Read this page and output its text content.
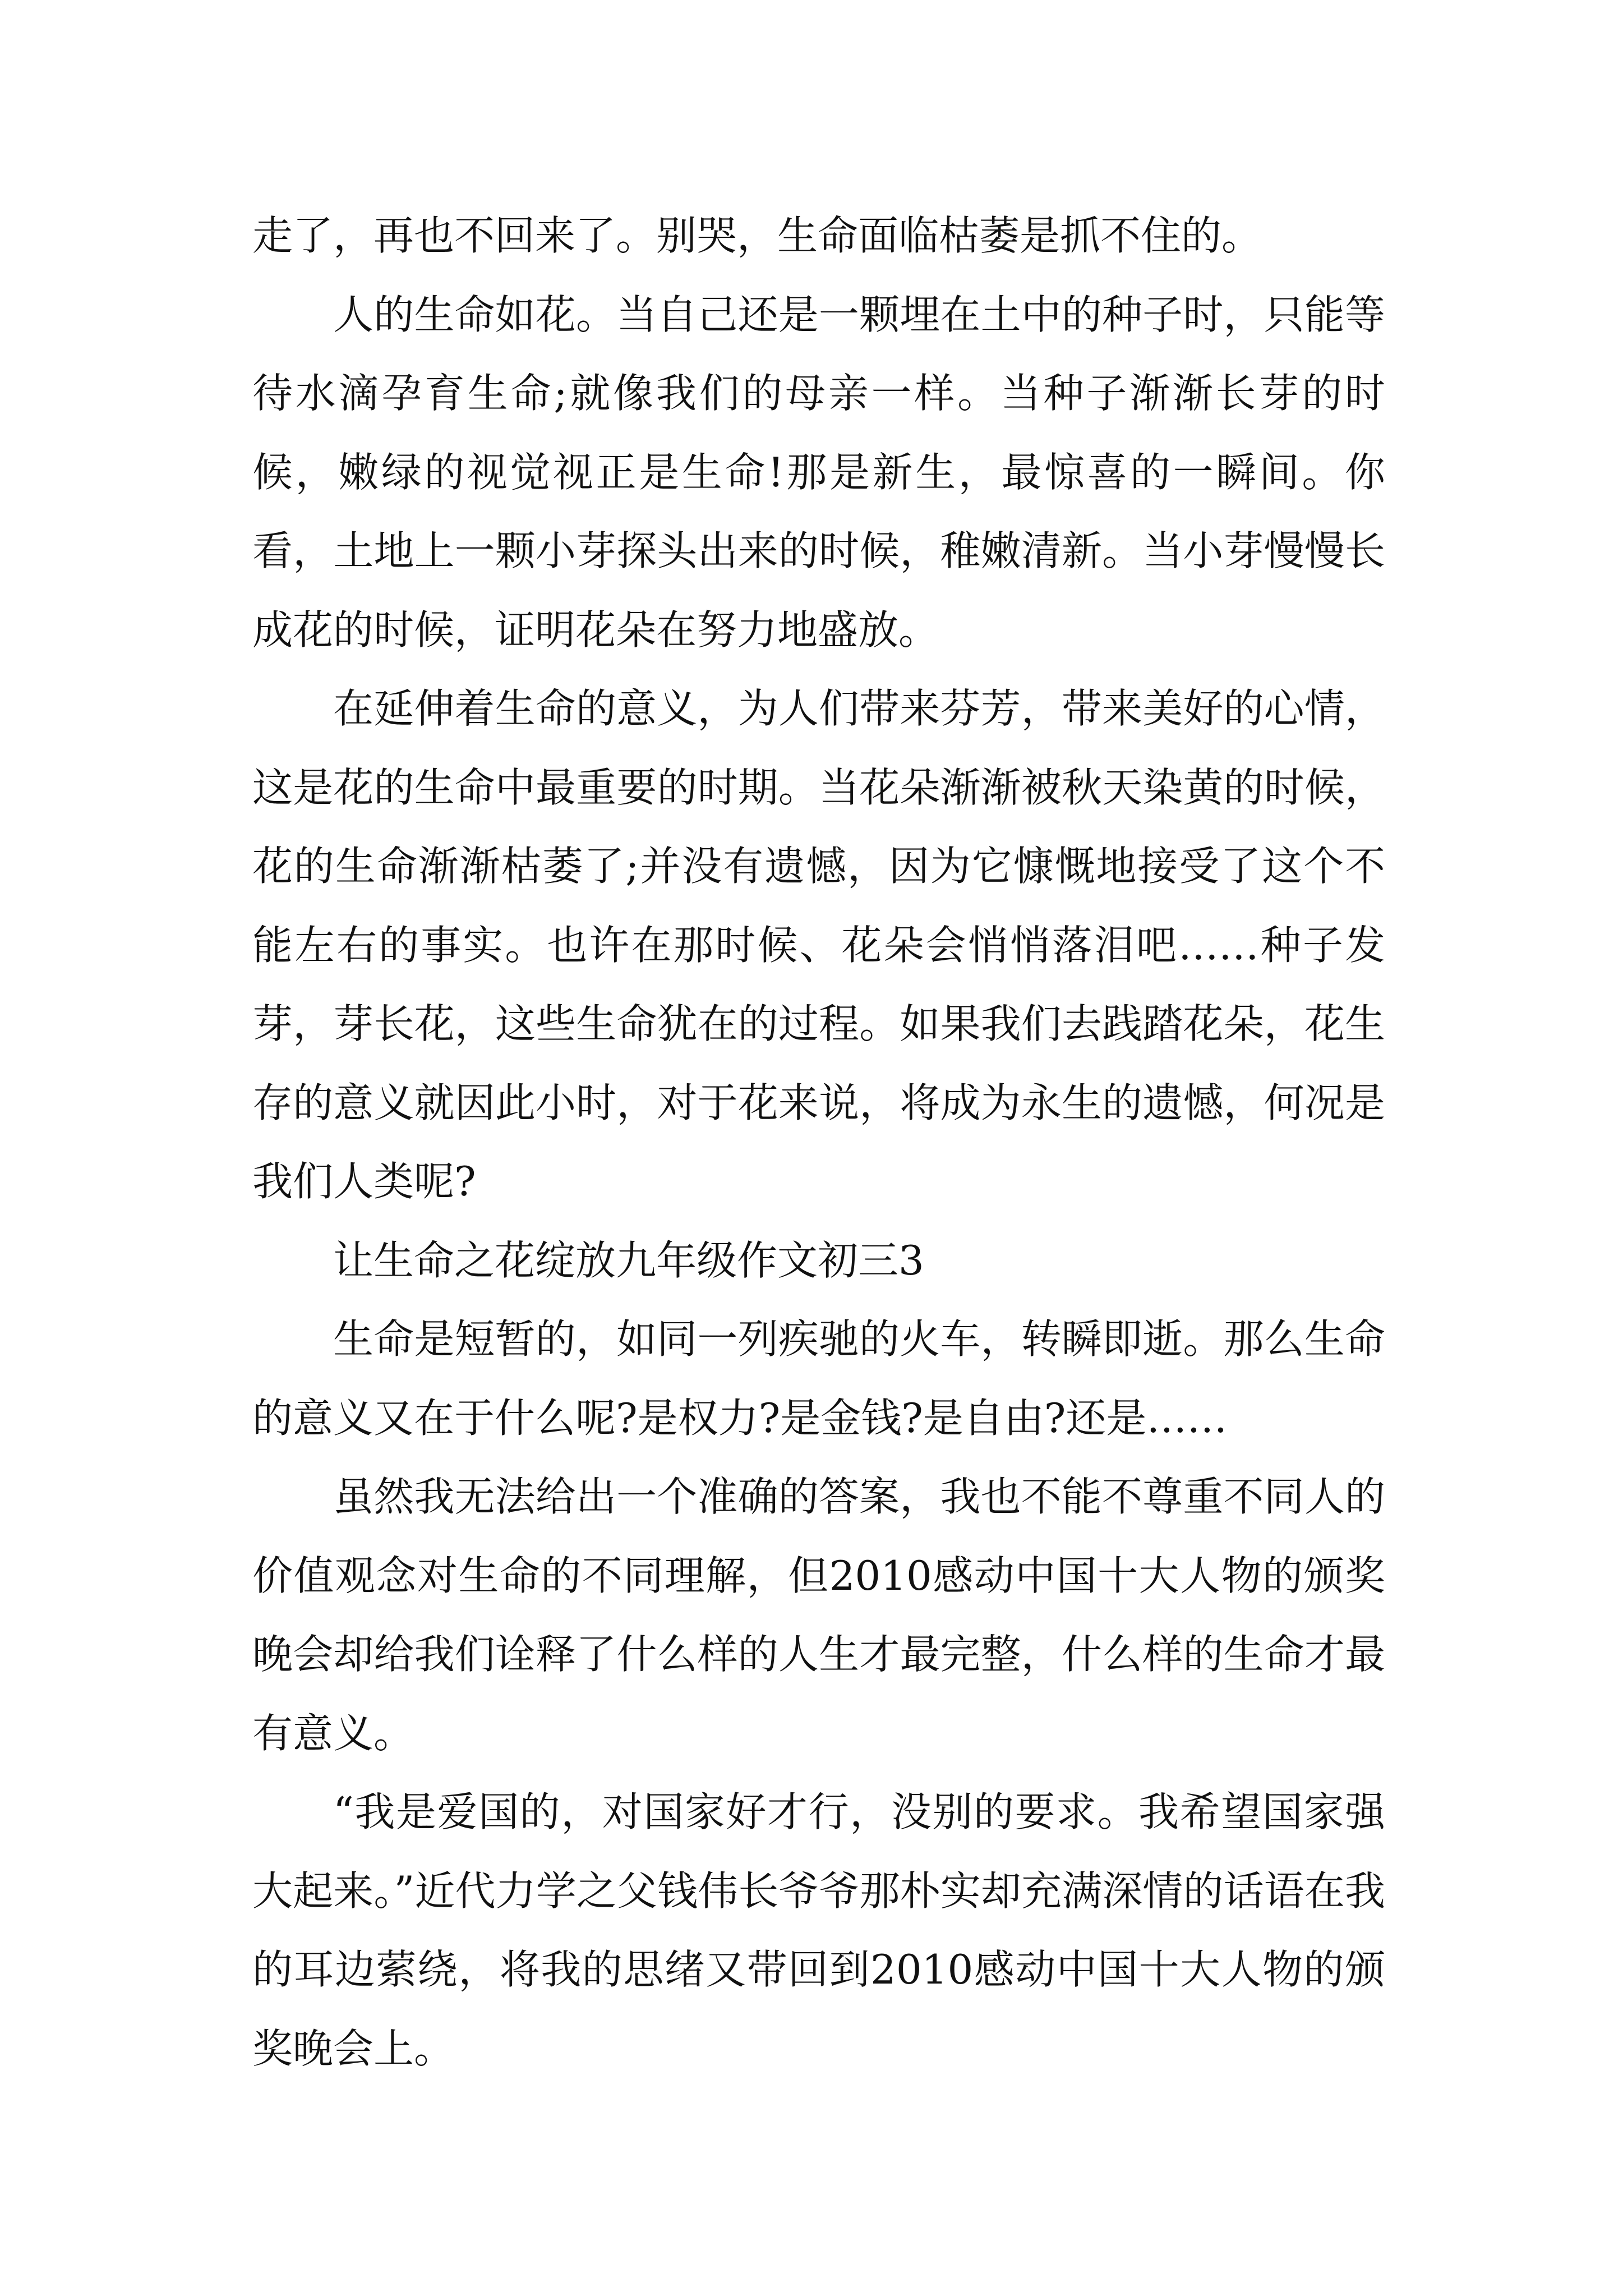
走了，再也不回来了。别哭，生命面临枯萎是抓不住的。

人的生命如花。当自己还是一颗埋在土中的种子时，只能等待水滴孕育生命;就像我们的母亲一样。当种子渐渐长芽的时候，嫩绿的视觉视正是生命!那是新生，最惊喜的一瞬间。你看，土地上一颗小芽探头出来的时候，稚嫩清新。当小芽慢慢长成花的时候，证明花朵在努力地盛放。

在延伸着生命的意义，为人们带来芬芳，带来美好的心情，这是花的生命中最重要的时期。当花朵渐渐被秋天染黄的时候，花的生命渐渐枯萎了;并没有遗憾，因为它慷慨地接受了这个不能左右的事实。也许在那时候、花朵会悄悄落泪吧……种子发芽，芽长花，这些生命犹在的过程。如果我们去践踏花朵，花生存的意义就因此小时，对于花来说，将成为永生的遗憾，何况是我们人类呢?

让生命之花绽放九年级作文初三3

生命是短暂的，如同一列疾驰的火车，转瞬即逝。那么生命的意义又在于什么呢?是权力?是金钱?是自由?还是……

虽然我无法给出一个准确的答案，我也不能不尊重不同人的价值观念对生命的不同理解，但2010感动中国十大人物的颁奖晚会却给我们诠释了什么样的人生才最完整，什么样的生命才最有意义。

“我是爱国的，对国家好才行，没别的要求。我希望国家强大起来。”近代力学之父钱伟长爷爷那朴实却充满深情的话语在我的耳边萦绕，将我的思绪又带回到2010感动中国十大人物的颁奖晚会上。
